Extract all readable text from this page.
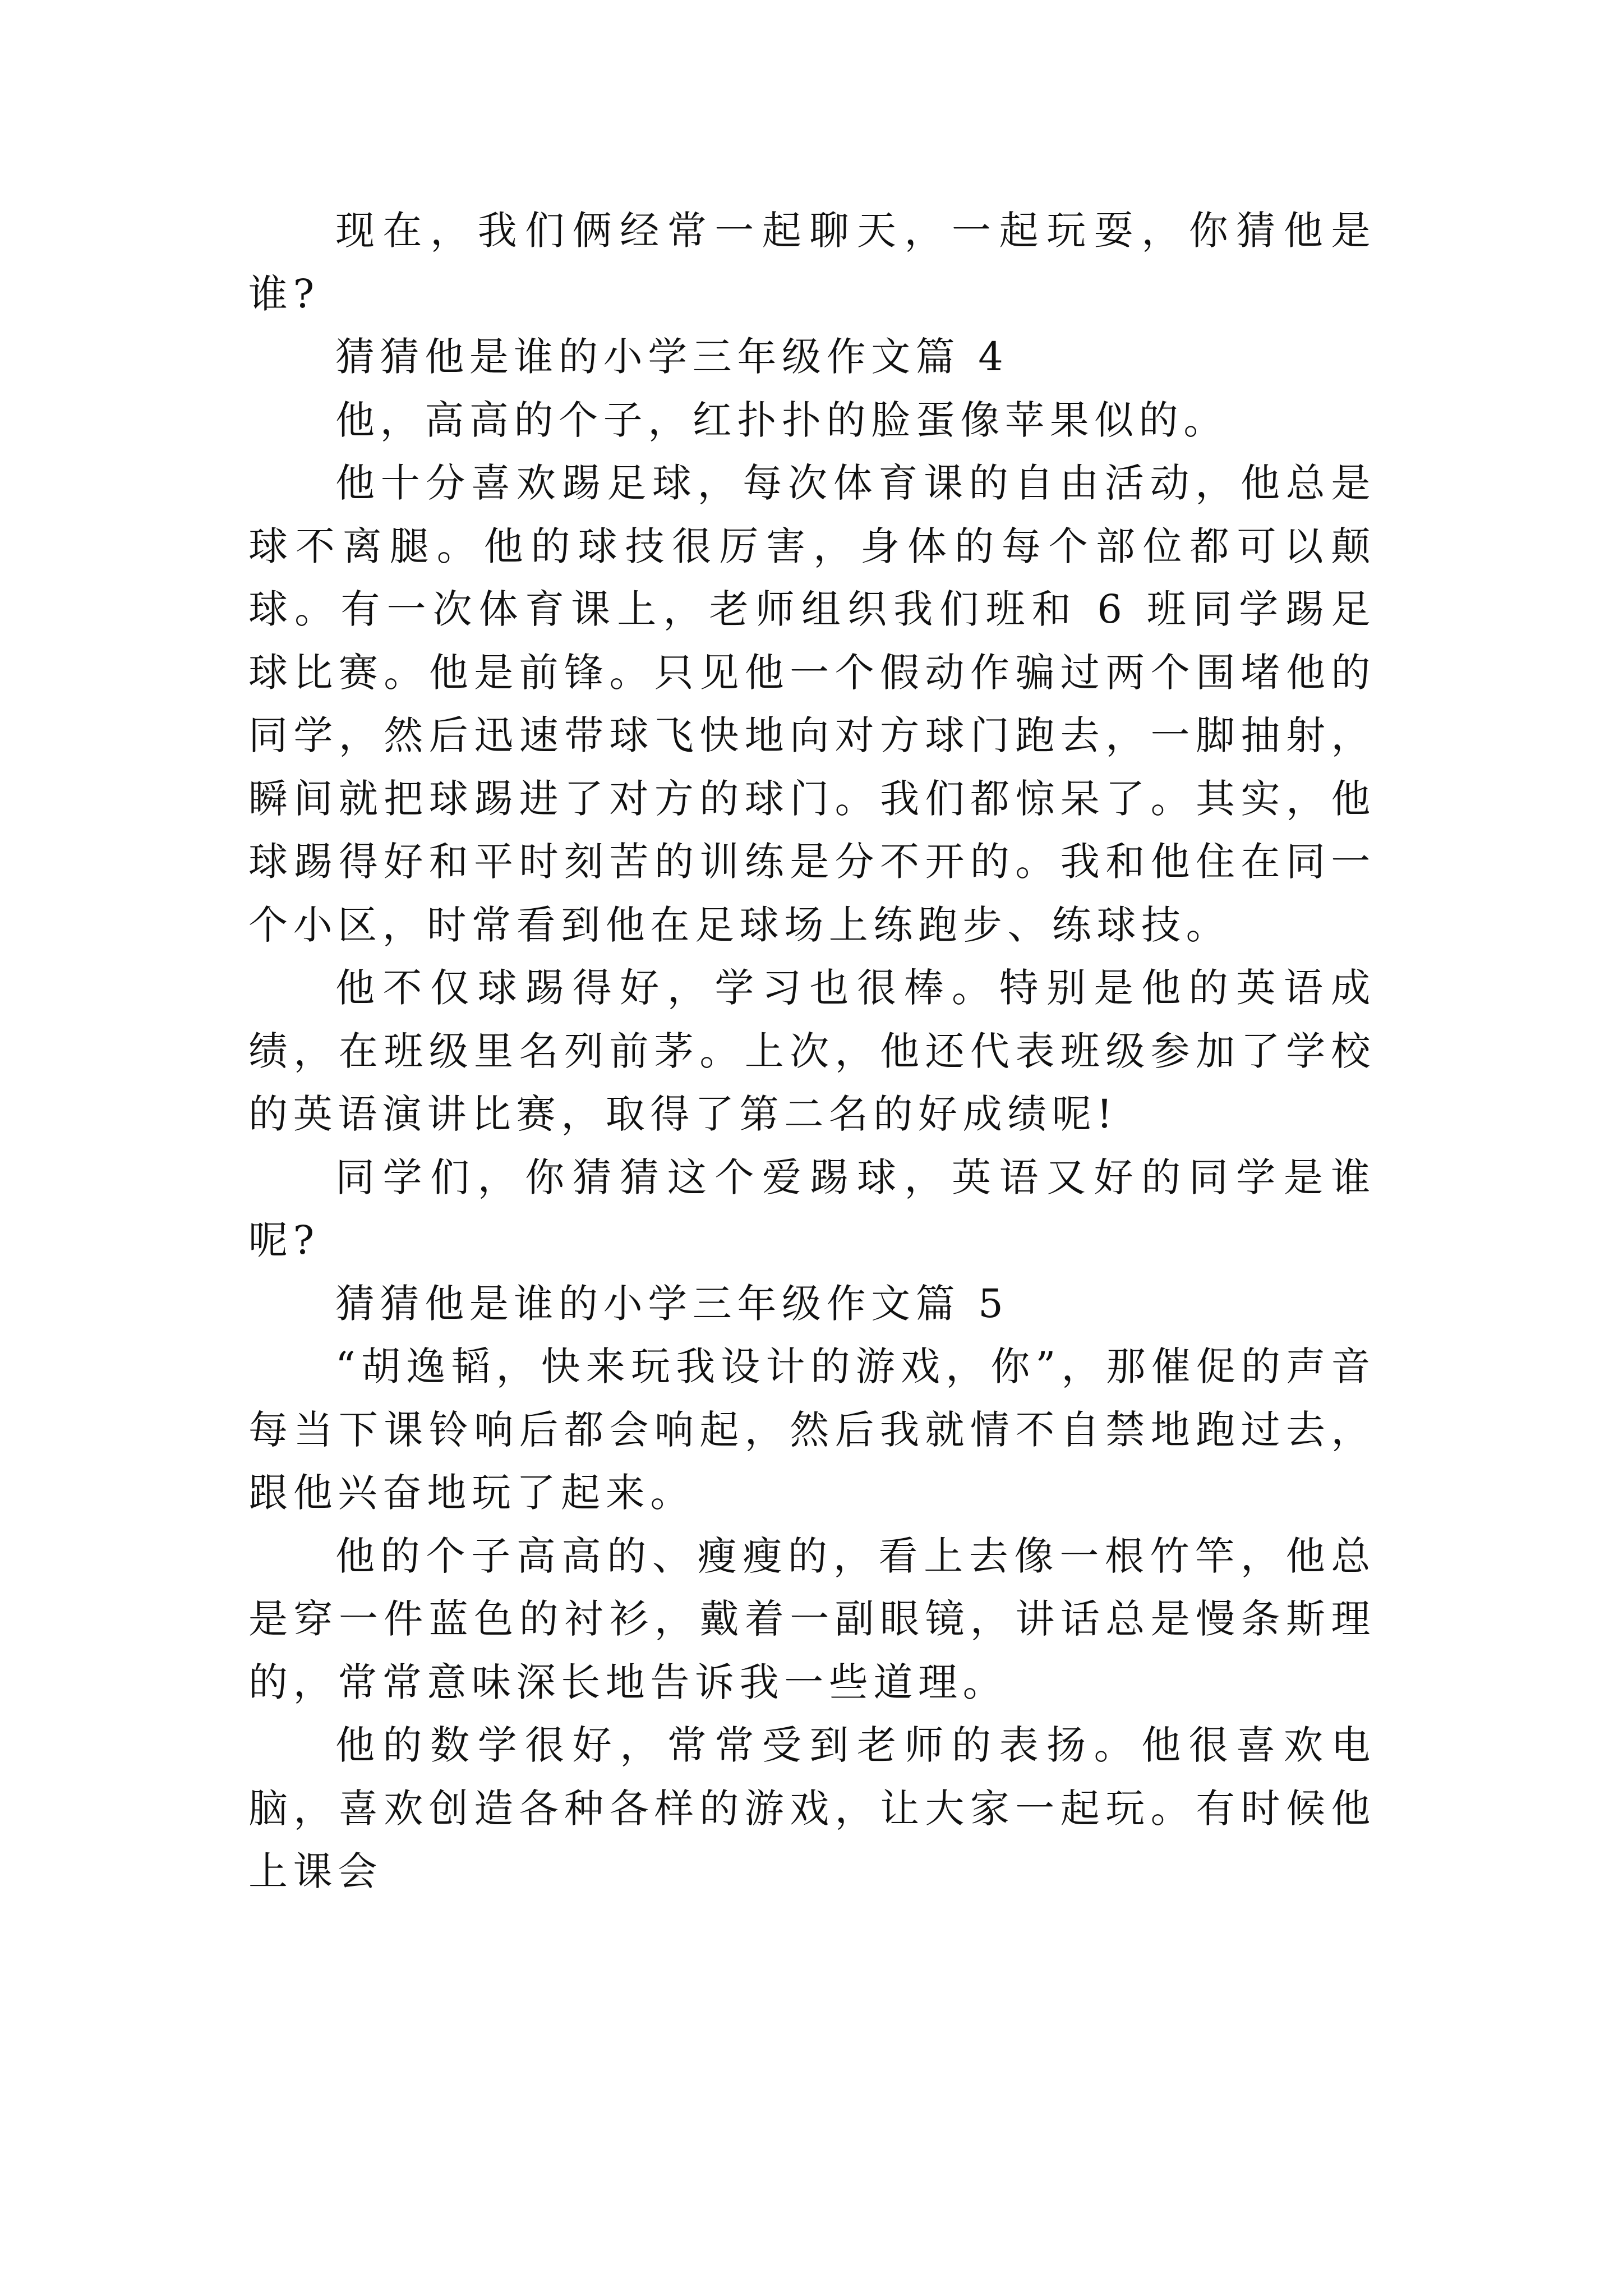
现在，我们俩经常一起聊天，一起玩耍，你猜他是谁?

猜猜他是谁的小学三年级作文篇 4

他，高高的个子，红扑扑的脸蛋像苹果似的。

他十分喜欢踢足球，每次体育课的自由活动，他总是球不离腿。他的球技很厉害，身体的每个部位都可以颠球。有一次体育课上，老师组织我们班和 6 班同学踢足球比赛。他是前锋。只见他一个假动作骗过两个围堵他的同学，然后迅速带球飞快地向对方球门跑去，一脚抽射，瞬间就把球踢进了对方的球门。我们都惊呆了。其实，他球踢得好和平时刻苦的训练是分不开的。我和他住在同一个小区，时常看到他在足球场上练跑步、练球技。

他不仅球踢得好，学习也很棒。特别是他的英语成绩，在班级里名列前茅。上次，他还代表班级参加了学校的英语演讲比赛，取得了第二名的好成绩呢!

同学们，你猜猜这个爱踢球，英语又好的同学是谁呢?

猜猜他是谁的小学三年级作文篇 5

“胡逸韬，快来玩我设计的游戏，你”，那催促的声音每当下课铃响后都会响起，然后我就情不自禁地跑过去，跟他兴奋地玩了起来。

他的个子高高的、瘦瘦的，看上去像一根竹竿，他总是穿一件蓝色的衬衫，戴着一副眼镜，讲话总是慢条斯理的，常常意味深长地告诉我一些道理。

他的数学很好，常常受到老师的表扬。他很喜欢电脑，喜欢创造各种各样的游戏，让大家一起玩。有时候他上课会
